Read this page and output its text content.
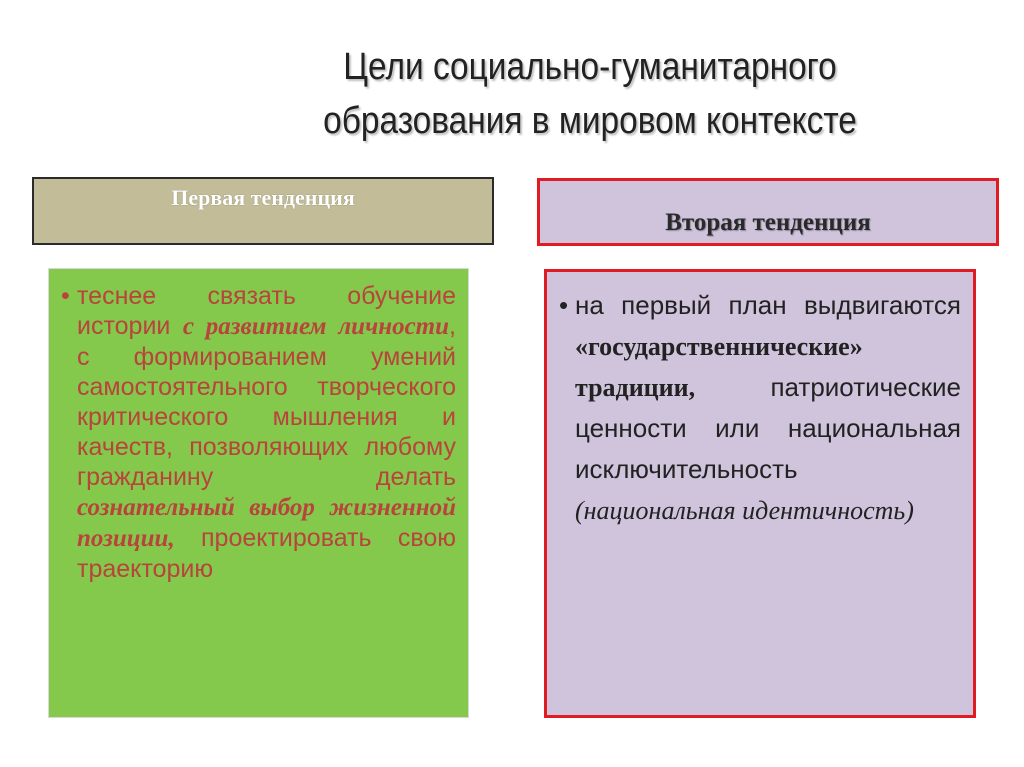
Цели социально-гуманитарного
образования в мировом контексте
Первая тенденция
Вторая тенденция
• теснее связать обучение истории с развитием личности, с формированием умений самостоятельного творческого критического мышления и качеств, позволяющих любому гражданину делать сознательный выбор жизненной позиции, проектировать свою траекторию
• на первый план выдвигаются «государственнические» традиции, патриотические ценности или национальная исключительность (национальная идентичность)
